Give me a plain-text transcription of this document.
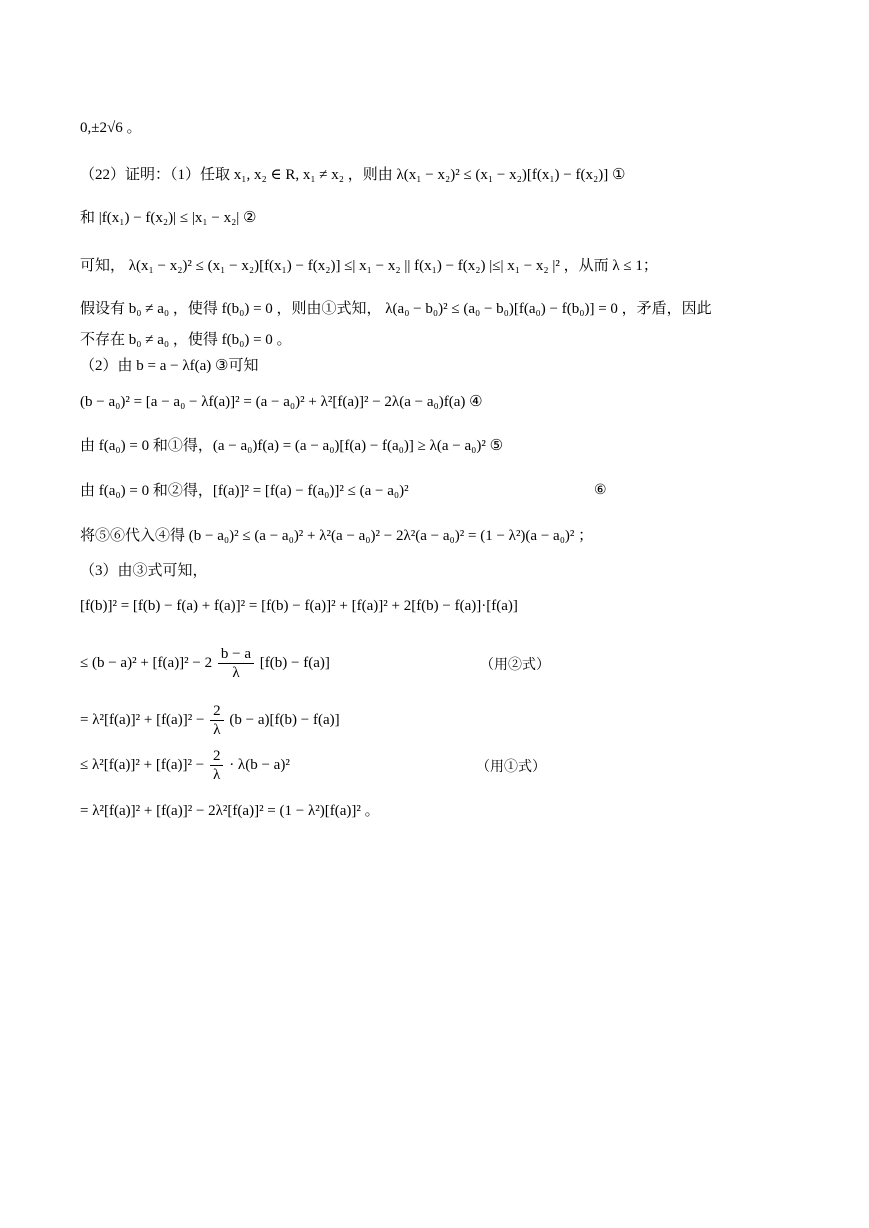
0,±2√6 。
（22）证明：（1）任取 x₁, x₂ ∈ R, x₁ ≠ x₂ ，则由 λ(x₁ − x₂)² ≤ (x₁ − x₂)[f(x₁) − f(x₂)] ①
和 |f(x₁) − f(x₂)| ≤ |x₁ − x₂| ②
可知， λ(x₁ − x₂)² ≤ (x₁ − x₂)[f(x₁) − f(x₂)] ≤| x₁ − x₂ || f(x₁) − f(x₂) |≤| x₁ − x₂ |² ，从而 λ ≤ 1；
假设有 b₀ ≠ a₀ ，使得 f(b₀) = 0 ，则由①式知， λ(a₀ − b₀)² ≤ (a₀ − b₀)[f(a₀) − f(b₀)] = 0 ，矛盾，因此
不存在 b₀ ≠ a₀ ，使得 f(b₀) = 0 。
（2）由 b = a − λf(a) ③可知
(b − a₀)² = [a − a₀ − λf(a)]² = (a − a₀)² + λ²[f(a)]² − 2λ(a − a₀)f(a) ④
由 f(a₀) = 0 和①得，(a − a₀)f(a) = (a − a₀)[f(a) − f(a₀)] ≥ λ(a − a₀)² ⑤
由 f(a₀) = 0 和②得，[f(a)]² = [f(a) − f(a₀)]² ≤ (a − a₀)²	⑥
将⑤⑥代入④得 (b − a₀)² ≤ (a − a₀)² + λ²(a − a₀)² − 2λ²(a − a₀)² = (1 − λ²)(a − a₀)² ；
（3）由③式可知，
[f(b)]² = [f(b) − f(a) + f(a)]² = [f(b) − f(a)]² + [f(a)]² + 2[f(b) − f(a)]·[f(a)]
≤ $(b - a)^2 + [f(a)]^2 - 2 \frac{b - a}{\lambda} [f(b) - f(a)]$	（用②式）
= $\lambda^2[f(a)]^2 + [f(a)]^2 - \frac{2}{\lambda} (b - a)[f(b) - f(a)]$
≤ $\lambda^2[f(a)]^2 + [f(a)]^2 - \frac{2}{\lambda} \cdot \lambda(b - a)^2$	（用①式）
= λ²[f(a)]² + [f(a)]² − 2λ²[f(a)]² = (1 − λ²)[f(a)]² 。
